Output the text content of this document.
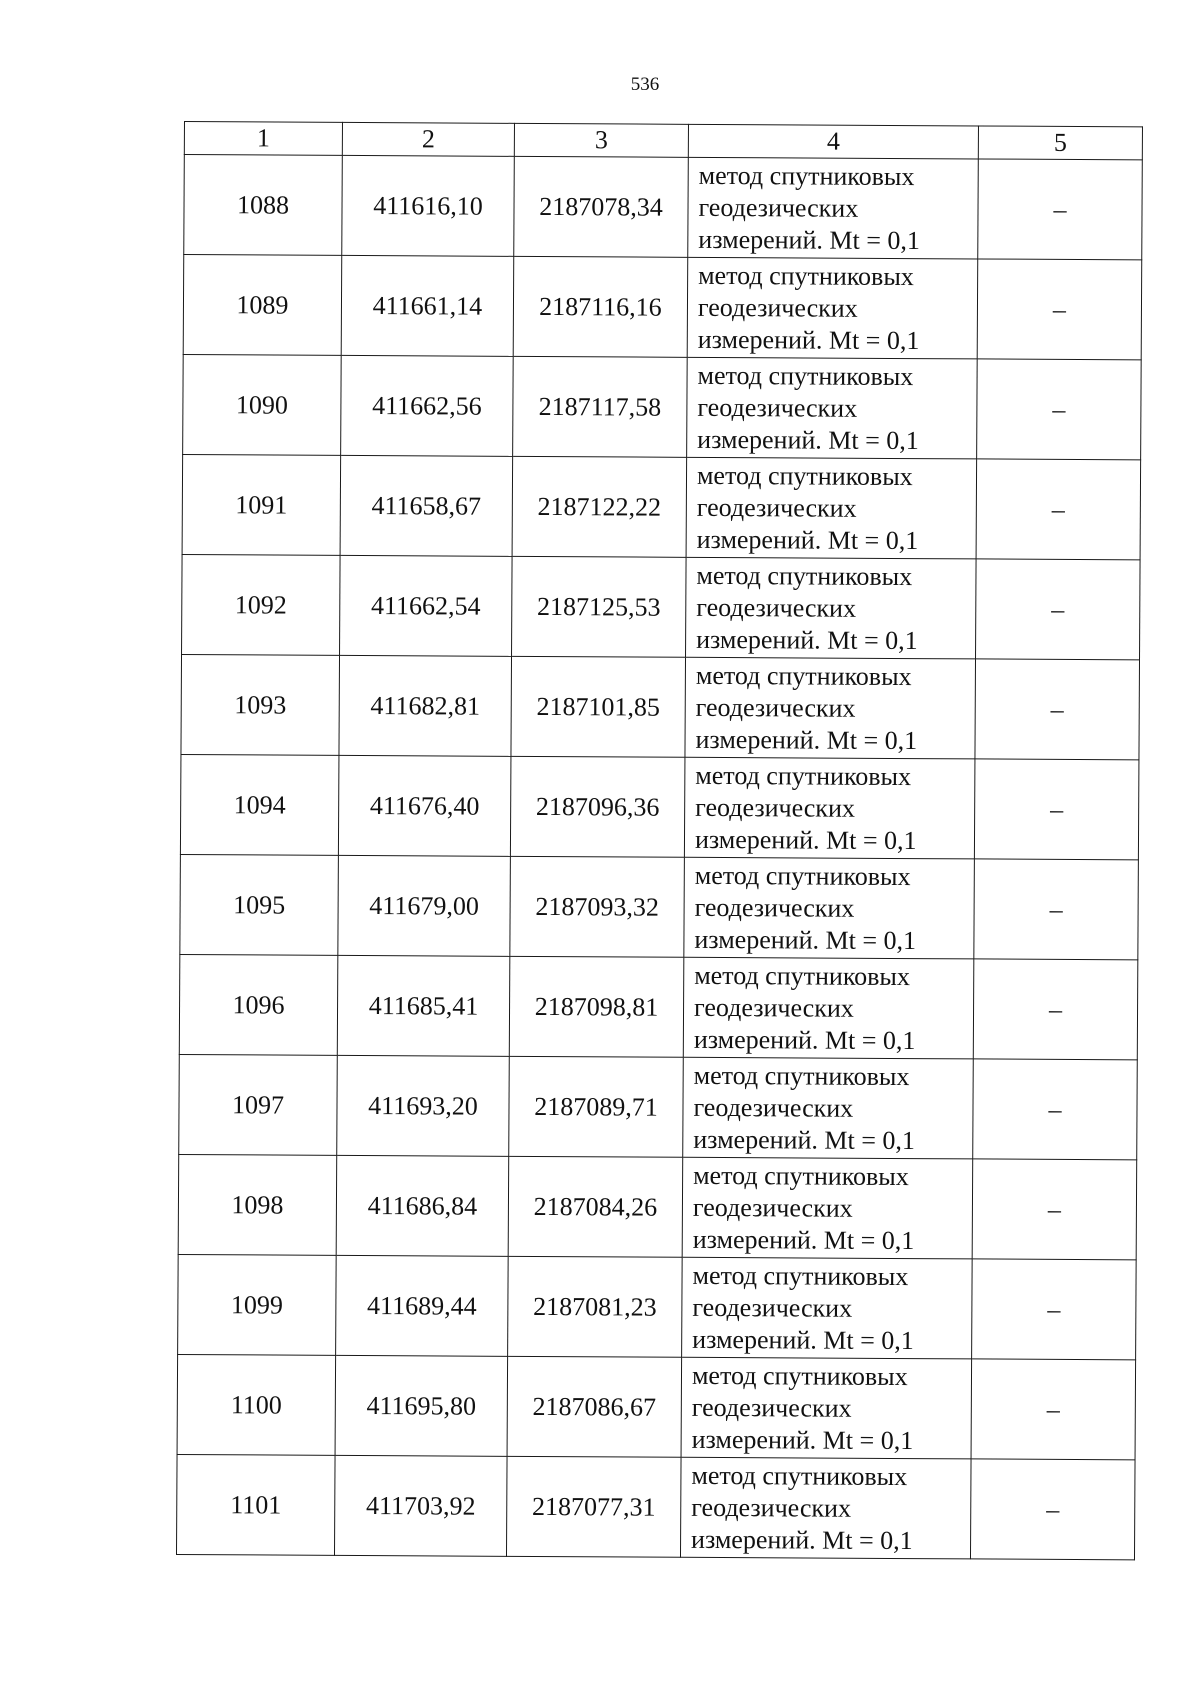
536
1	2	3	4	5
1088	411616,10	2187078,34	метод спутниковых
геодезических
измерений. Mt = 0,1	–
1089	411661,14	2187116,16	метод спутниковых
геодезических
измерений. Mt = 0,1	–
1090	411662,56	2187117,58	метод спутниковых
геодезических
измерений. Mt = 0,1	–
1091	411658,67	2187122,22	метод спутниковых
геодезических
измерений. Mt = 0,1	–
1092	411662,54	2187125,53	метод спутниковых
геодезических
измерений. Mt = 0,1	–
1093	411682,81	2187101,85	метод спутниковых
геодезических
измерений. Mt = 0,1	–
1094	411676,40	2187096,36	метод спутниковых
геодезических
измерений. Mt = 0,1	–
1095	411679,00	2187093,32	метод спутниковых
геодезических
измерений. Mt = 0,1	–
1096	411685,41	2187098,81	метод спутниковых
геодезических
измерений. Mt = 0,1	–
1097	411693,20	2187089,71	метод спутниковых
геодезических
измерений. Mt = 0,1	–
1098	411686,84	2187084,26	метод спутниковых
геодезических
измерений. Mt = 0,1	–
1099	411689,44	2187081,23	метод спутниковых
геодезических
измерений. Mt = 0,1	–
1100	411695,80	2187086,67	метод спутниковых
геодезических
измерений. Mt = 0,1	–
1101	411703,92	2187077,31	метод спутниковых
геодезических
измерений. Mt = 0,1	–
